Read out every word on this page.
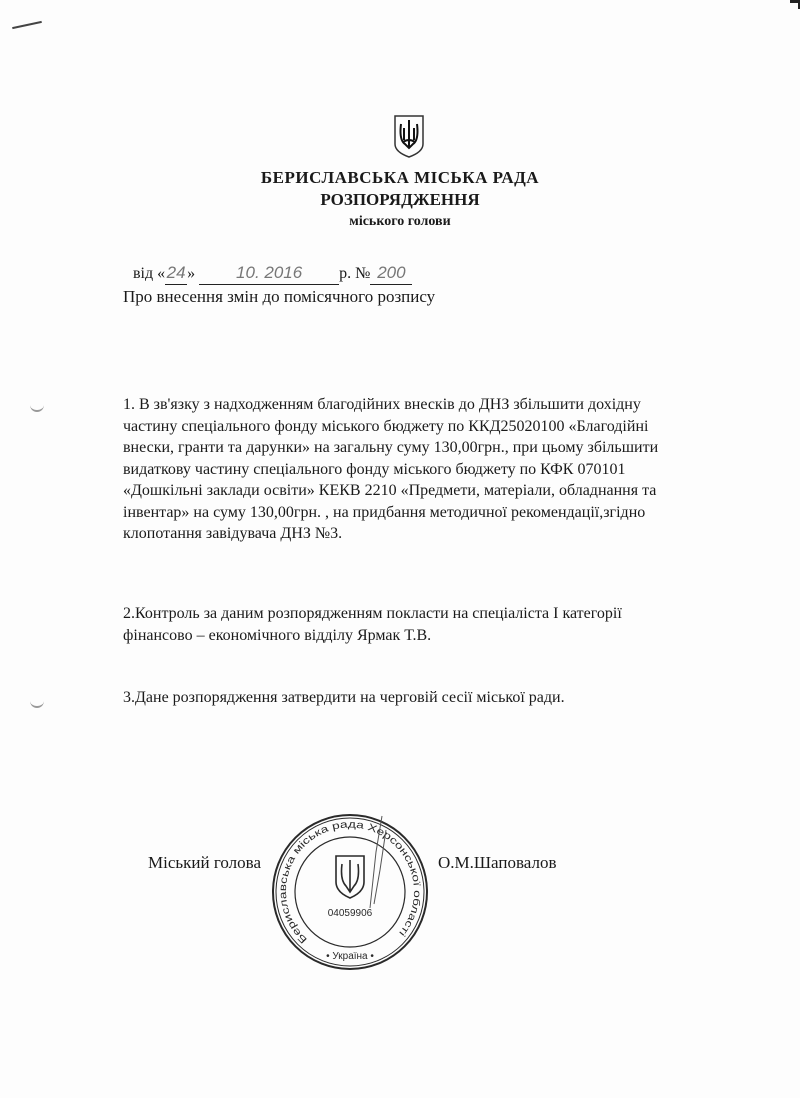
БЕРИСЛАВСЬКА МІСЬКА РАДА
РОЗПОРЯДЖЕННЯ
міського голови
від «24» 10. 2016 р. № 200
Про внесення змін до помісячного розпису
1. В зв'язку з надходженням благодійних внесків до ДНЗ збільшити дохідну частину спеціального фонду міського бюджету по ККД25020100 «Благодійні внески, гранти та дарунки» на загальну суму 130,00грн., при цьому збільшити видаткову частину спеціального фонду міського бюджету по КФК 070101 «Дошкільні заклади освіти» КЕКВ 2210 «Предмети, матеріали, обладнання та інвентар» на суму 130,00грн. , на придбання методичної рекомендації,згідно клопотання завідувача ДНЗ №3.
2.Контроль за даним розпорядженням покласти на спеціаліста І категорії фінансово – економічного відділу Ярмак Т.В.
3.Дане розпорядження затвердити на черговій сесії міської ради.
Міський голова	О.М.Шаповалов
Бериславська міська рада Херсонської області
04059906
• Україна •
